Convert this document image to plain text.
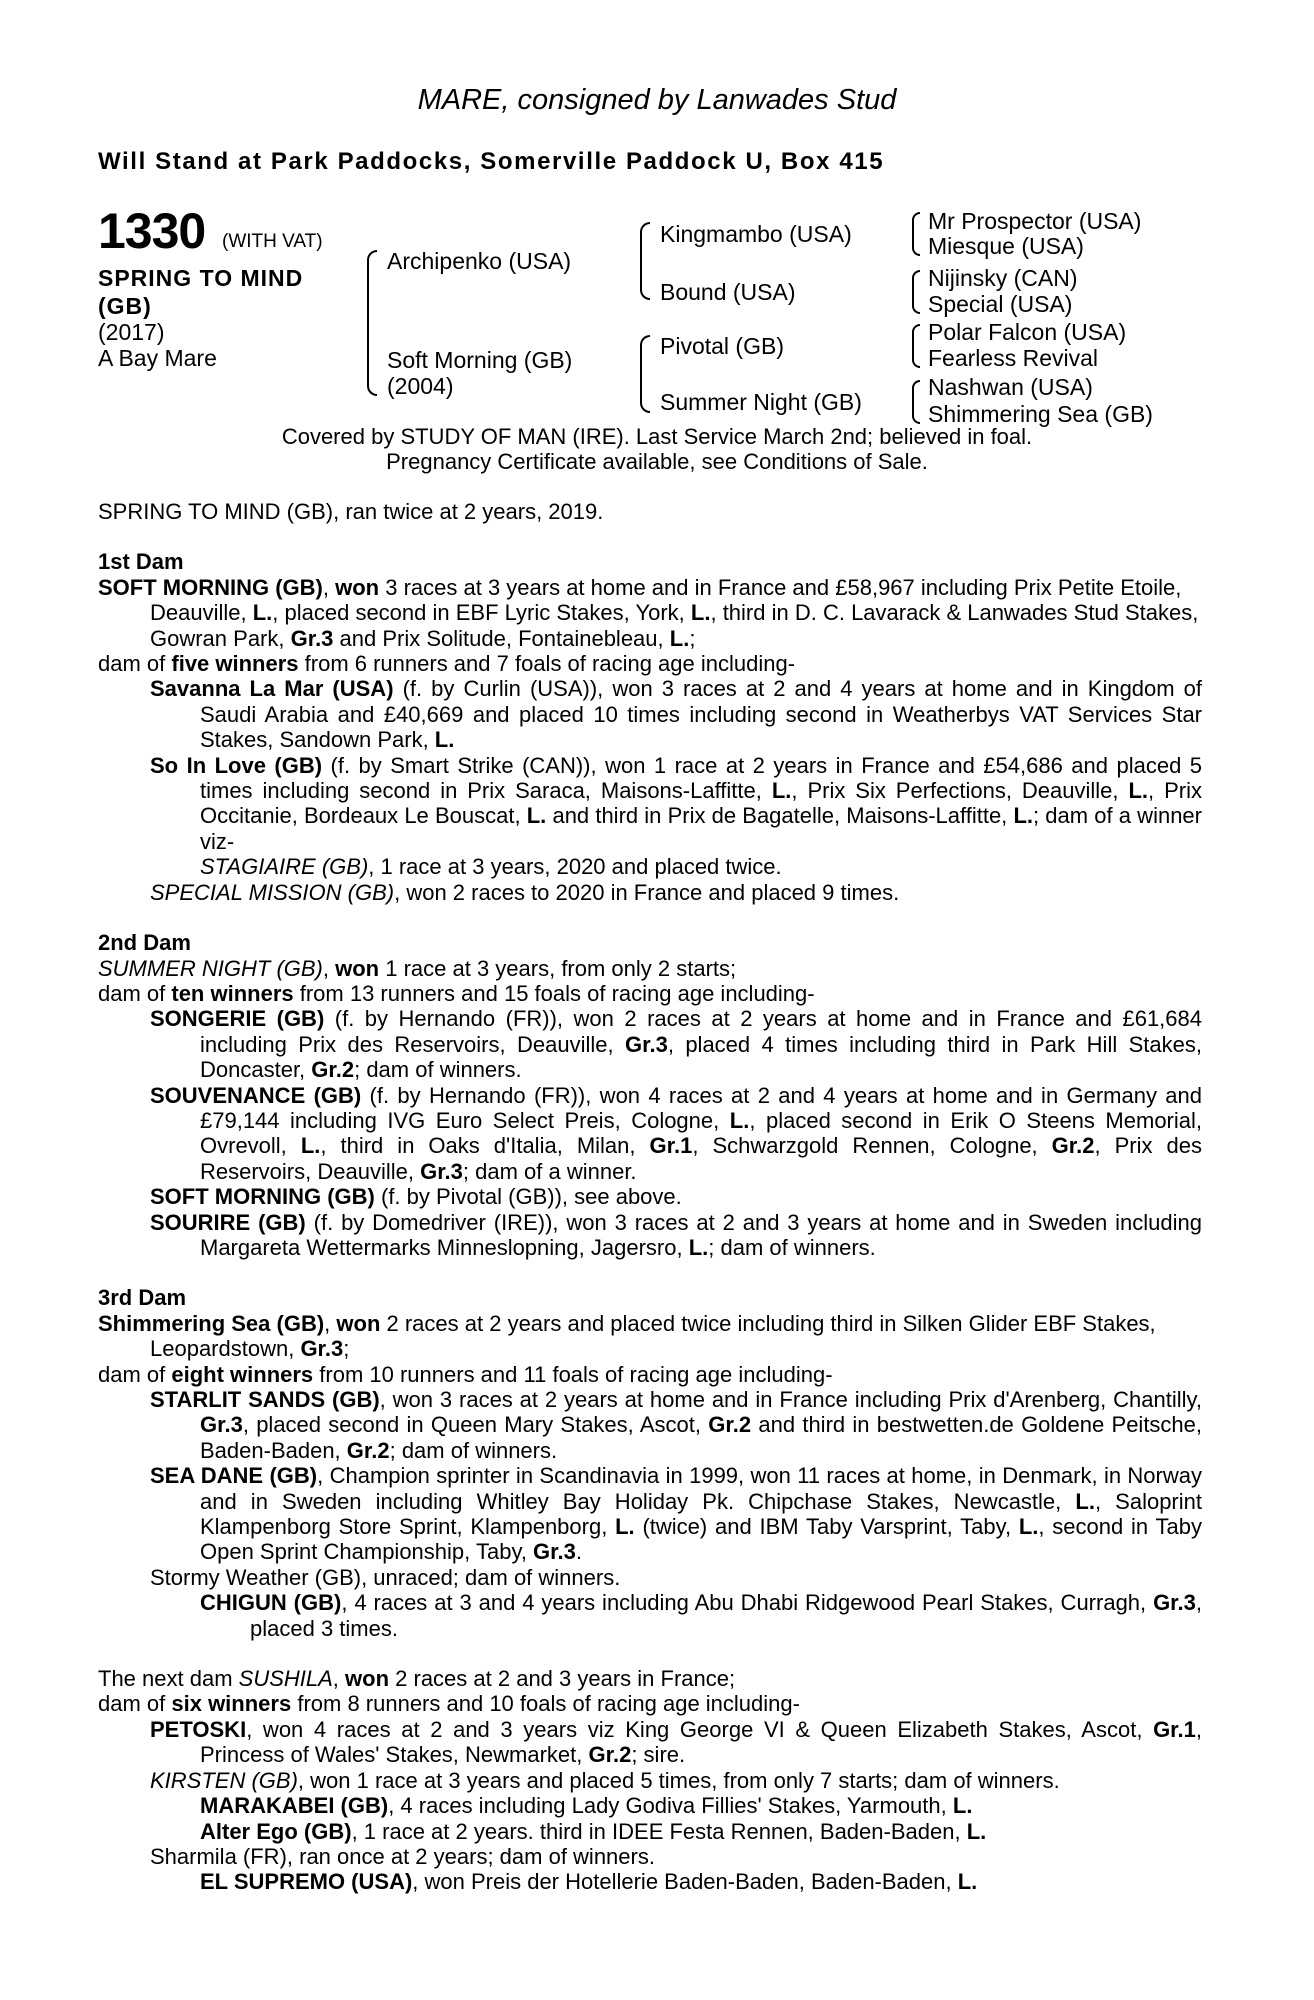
MARE, consigned by Lanwades Stud
Will Stand at Park Paddocks, Somerville Paddock U, Box 415
1330 (WITH VAT)
SPRING TO MIND
(GB)
(2017)
A Bay Mare
Archipenko (USA)
Soft Morning (GB)
(2004)
Kingmambo (USA)
Bound (USA)
Pivotal (GB)
Summer Night (GB)
Mr Prospector (USA)
Miesque (USA)
Nijinsky (CAN)
Special (USA)
Polar Falcon (USA)
Fearless Revival
Nashwan (USA)
Shimmering Sea (GB)
Covered by STUDY OF MAN (IRE). Last Service March 2nd; believed in foal.
Pregnancy Certificate available, see Conditions of Sale.

SPRING TO MIND (GB), ran twice at 2 years, 2019.

1st Dam

SOFT MORNING (GB), won 3 races at 3 years at home and in France and £58,967 including Prix Petite Etoile, Deauville, L., placed second in EBF Lyric Stakes, York, L., third in D. C. Lavarack & Lanwades Stud Stakes, Gowran Park, Gr.3 and Prix Solitude, Fontainebleau, L.;

dam of five winners from 6 runners and 7 foals of racing age including-

Savanna La Mar (USA) (f. by Curlin (USA)), won 3 races at 2 and 4 years at home and in Kingdom of Saudi Arabia and £40,669 and placed 10 times including second in Weatherbys VAT Services Star Stakes, Sandown Park, L.

So In Love (GB) (f. by Smart Strike (CAN)), won 1 race at 2 years in France and £54,686 and placed 5 times including second in Prix Saraca, Maisons-Laffitte, L., Prix Six Perfections, Deauville, L., Prix Occitanie, Bordeaux Le Bouscat, L. and third in Prix de Bagatelle, Maisons-Laffitte, L.; dam of a winner viz-

STAGIAIRE (GB), 1 race at 3 years, 2020 and placed twice.

SPECIAL MISSION (GB), won 2 races to 2020 in France and placed 9 times.

2nd Dam

SUMMER NIGHT (GB), won 1 race at 3 years, from only 2 starts;

dam of ten winners from 13 runners and 15 foals of racing age including-

SONGERIE (GB) (f. by Hernando (FR)), won 2 races at 2 years at home and in France and £61,684 including Prix des Reservoirs, Deauville, Gr.3, placed 4 times including third in Park Hill Stakes, Doncaster, Gr.2; dam of winners.

SOUVENANCE (GB) (f. by Hernando (FR)), won 4 races at 2 and 4 years at home and in Germany and £79,144 including IVG Euro Select Preis, Cologne, L., placed second in Erik O Steens Memorial, Ovrevoll, L., third in Oaks d'Italia, Milan, Gr.1, Schwarzgold Rennen, Cologne, Gr.2, Prix des Reservoirs, Deauville, Gr.3; dam of a winner.

SOFT MORNING (GB) (f. by Pivotal (GB)), see above.

SOURIRE (GB) (f. by Domedriver (IRE)), won 3 races at 2 and 3 years at home and in Sweden including Margareta Wettermarks Minneslopning, Jagersro, L.; dam of winners.

3rd Dam

Shimmering Sea (GB), won 2 races at 2 years and placed twice including third in Silken Glider EBF Stakes, Leopardstown, Gr.3;

dam of eight winners from 10 runners and 11 foals of racing age including-

STARLIT SANDS (GB), won 3 races at 2 years at home and in France including Prix d'Arenberg, Chantilly, Gr.3, placed second in Queen Mary Stakes, Ascot, Gr.2 and third in bestwetten.de Goldene Peitsche, Baden-Baden, Gr.2; dam of winners.

SEA DANE (GB), Champion sprinter in Scandinavia in 1999, won 11 races at home, in Denmark, in Norway and in Sweden including Whitley Bay Holiday Pk. Chipchase Stakes, Newcastle, L., Saloprint Klampenborg Store Sprint, Klampenborg, L. (twice) and IBM Taby Varsprint, Taby, L., second in Taby Open Sprint Championship, Taby, Gr.3.

Stormy Weather (GB), unraced; dam of winners.

CHIGUN (GB), 4 races at 3 and 4 years including Abu Dhabi Ridgewood Pearl Stakes, Curragh, Gr.3, placed 3 times.

The next dam SUSHILA, won 2 races at 2 and 3 years in France;

dam of six winners from 8 runners and 10 foals of racing age including-

PETOSKI, won 4 races at 2 and 3 years viz King George VI & Queen Elizabeth Stakes, Ascot, Gr.1, Princess of Wales' Stakes, Newmarket, Gr.2; sire.

KIRSTEN (GB), won 1 race at 3 years and placed 5 times, from only 7 starts; dam of winners.

MARAKABEI (GB), 4 races including Lady Godiva Fillies' Stakes, Yarmouth, L.

Alter Ego (GB), 1 race at 2 years. third in IDEE Festa Rennen, Baden-Baden, L.

Sharmila (FR), ran once at 2 years; dam of winners.

EL SUPREMO (USA), won Preis der Hotellerie Baden-Baden, Baden-Baden, L.
